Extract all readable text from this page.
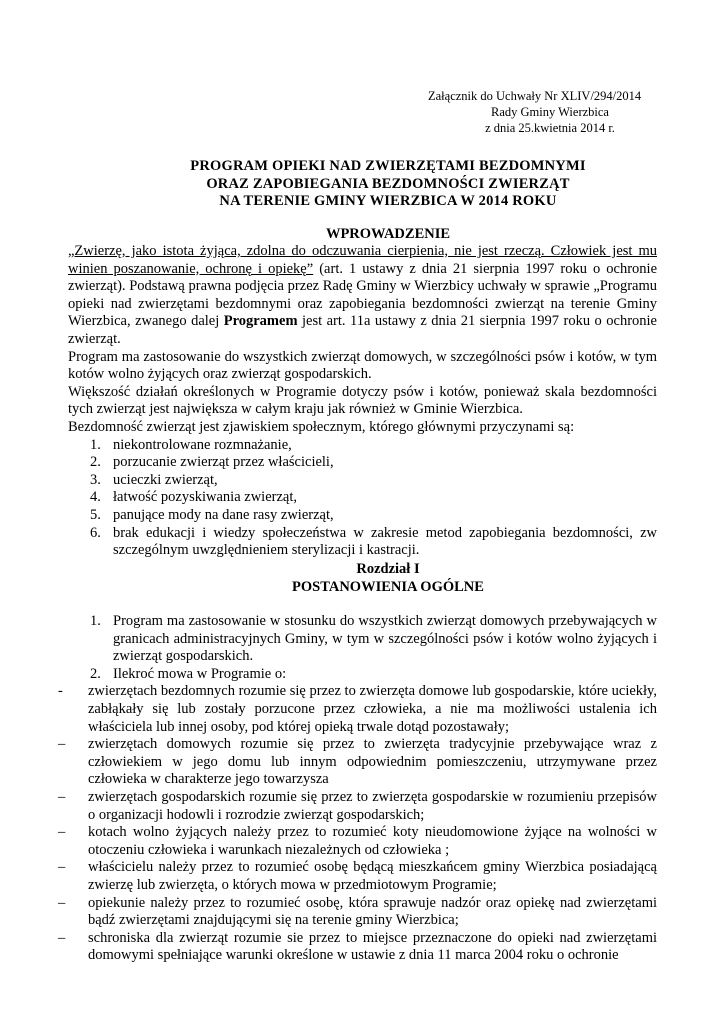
Załącznik do Uchwały Nr XLIV/294/2014
Rady Gminy Wierzbica
z dnia 25.kwietnia 2014 r.
PROGRAM OPIEKI NAD ZWIERZĘTAMI BEZDOMNYMI
ORAZ ZAPOBIEGANIA BEZDOMNOŚCI ZWIERZĄT
NA TERENIE GMINY WIERZBICA W 2014 ROKU
WPROWADZENIE

„Zwierzę, jako istota żyjąca, zdolna do odczuwania cierpienia, nie jest rzeczą. Człowiek jest mu winien poszanowanie, ochronę i opiekę” (art. 1 ustawy z dnia 21 sierpnia 1997 roku o ochronie zwierząt). Podstawą prawna podjęcia przez Radę Gminy w Wierzbicy uchwały w sprawie „Programu opieki nad zwierzętami bezdomnymi oraz zapobiegania bezdomności zwierząt na terenie Gminy Wierzbica, zwanego dalej Programem jest art. 11a ustawy z dnia 21 sierpnia 1997 roku o ochronie zwierząt.

Program ma zastosowanie do wszystkich zwierząt domowych, w szczególności psów i kotów, w tym kotów wolno żyjących oraz zwierząt gospodarskich.

Większość działań określonych w Programie dotyczy psów i kotów, ponieważ skala bezdomności tych zwierząt jest największa w całym kraju jak również w Gminie Wierzbica.

Bezdomność zwierząt jest zjawiskiem społecznym, którego głównymi przyczynami są:

1. niekontrolowane rozmnażanie,
2. porzucanie zwierząt przez właścicieli,
3. ucieczki zwierząt,
4. łatwość pozyskiwania zwierząt,
5. panujące mody na dane rasy zwierząt,
6. brak edukacji i wiedzy społeczeństwa w zakresie metod zapobiegania bezdomności, zw szczególnym uwzględnieniem sterylizacji i kastracji.
Rozdział I
POSTANOWIENIA OGÓLNE
1. Program ma zastosowanie w stosunku do wszystkich zwierząt domowych przebywających w granicach administracyjnych Gminy, w tym w szczególności psów i kotów wolno żyjących i zwierząt gospodarskich.
2. Ilekroć mowa w Programie o:
- zwierzętach bezdomnych rozumie się przez to zwierzęta domowe lub gospodarskie, które uciekły, zabłąkały się lub zostały porzucone przez człowieka, a nie ma możliwości ustalenia ich właściciela lub innej osoby, pod której opieką trwale dotąd pozostawały;
– zwierzętach domowych rozumie się przez to zwierzęta tradycyjnie przebywające wraz z człowiekiem w jego domu lub innym odpowiednim pomieszczeniu, utrzymywane przez człowieka w charakterze jego towarzysza
– zwierzętach gospodarskich rozumie się przez to zwierzęta gospodarskie w rozumieniu przepisów o organizacji hodowli i rozrodzie zwierząt gospodarskich;
– kotach wolno żyjących należy przez to rozumieć koty nieudomowione żyjące na wolności w otoczeniu człowieka i warunkach niezależnych od człowieka ;
– właścicielu należy przez to rozumieć osobę będącą mieszkańcem gminy Wierzbica posiadającą zwierzę lub zwierzęta, o których mowa w przedmiotowym Programie;
– opiekunie należy przez to rozumieć osobę, która sprawuje nadzór oraz opiekę nad zwierzętami bądź zwierzętami znajdującymi się na terenie gminy Wierzbica;
– schroniska dla zwierząt rozumie sie przez to miejsce przeznaczone do opieki nad zwierzętami domowymi spełniające warunki określone w ustawie z dnia 11 marca 2004 roku o ochronie
